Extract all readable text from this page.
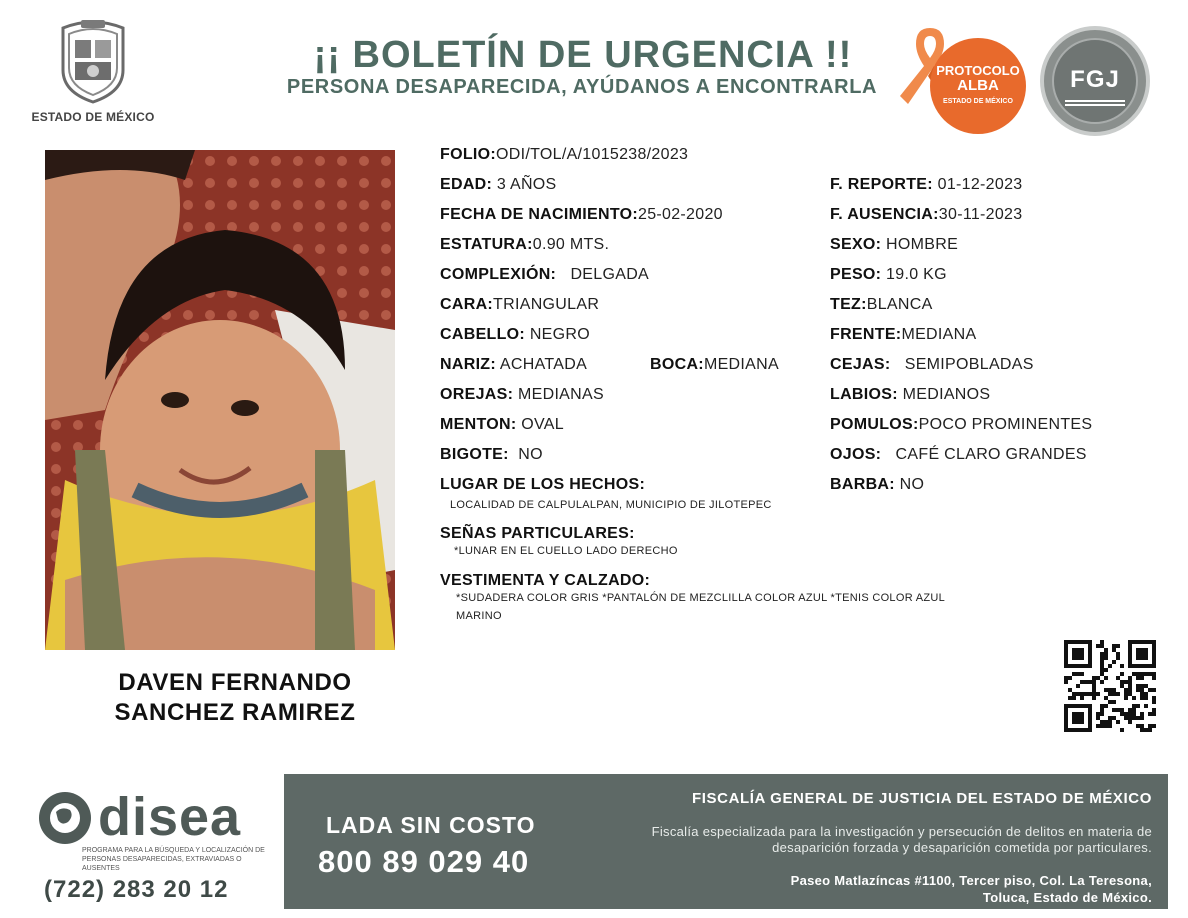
ESTADO DE MÉXICO
¡¡ BOLETÍN DE URGENCIA !!
PERSONA DESAPARECIDA, AYÚDANOS A ENCONTRARLA
PROTOCOLO
ALBA
ESTADO DE MÉXICO
FGJ
DAVEN FERNANDO
SANCHEZ RAMIREZ
FOLIO:ODI/TOL/A/1015238/2023
EDAD: 3 AÑOS	F. REPORTE: 01-12-2023
FECHA DE NACIMIENTO:25-02-2020	F. AUSENCIA:30-11-2023
ESTATURA:0.90 MTS.	SEXO: HOMBRE
COMPLEXIÓN: DELGADA	PESO: 19.0 KG
CARA:TRIANGULAR	TEZ:BLANCA
CABELLO: NEGRO	FRENTE:MEDIANA
NARIZ: ACHATADA	BOCA:MEDIANA	CEJAS: SEMIPOBLADAS
OREJAS: MEDIANAS	LABIOS: MEDIANOS
MENTON: OVAL	POMULOS:POCO PROMINENTES
BIGOTE: NO	OJOS: CAFÉ CLARO GRANDES
LUGAR DE LOS HECHOS:	BARBA: NO
LOCALIDAD DE CALPULALPAN, MUNICIPIO DE JILOTEPEC
SEÑAS PARTICULARES:
*LUNAR EN EL CUELLO LADO DERECHO
VESTIMENTA Y CALZADO:
*SUDADERA COLOR GRIS *PANTALÓN DE MEZCLILLA COLOR AZUL *TENIS COLOR AZUL
MARINO
disea
PROGRAMA PARA LA BÚSQUEDA Y LOCALIZACIÓN DE PERSONAS DESAPARECIDAS, EXTRAVIADAS O AUSENTES
(722) 283 20 12
LADA SIN COSTO
800 89 029 40
FISCALÍA GENERAL DE JUSTICIA DEL ESTADO DE MÉXICO
Fiscalía especializada para la investigación y persecución de delitos en materia de desaparición forzada y desaparición cometida por particulares.
Paseo Matlazíncas #1100, Tercer piso, Col. La Teresona,
Toluca, Estado de México.
